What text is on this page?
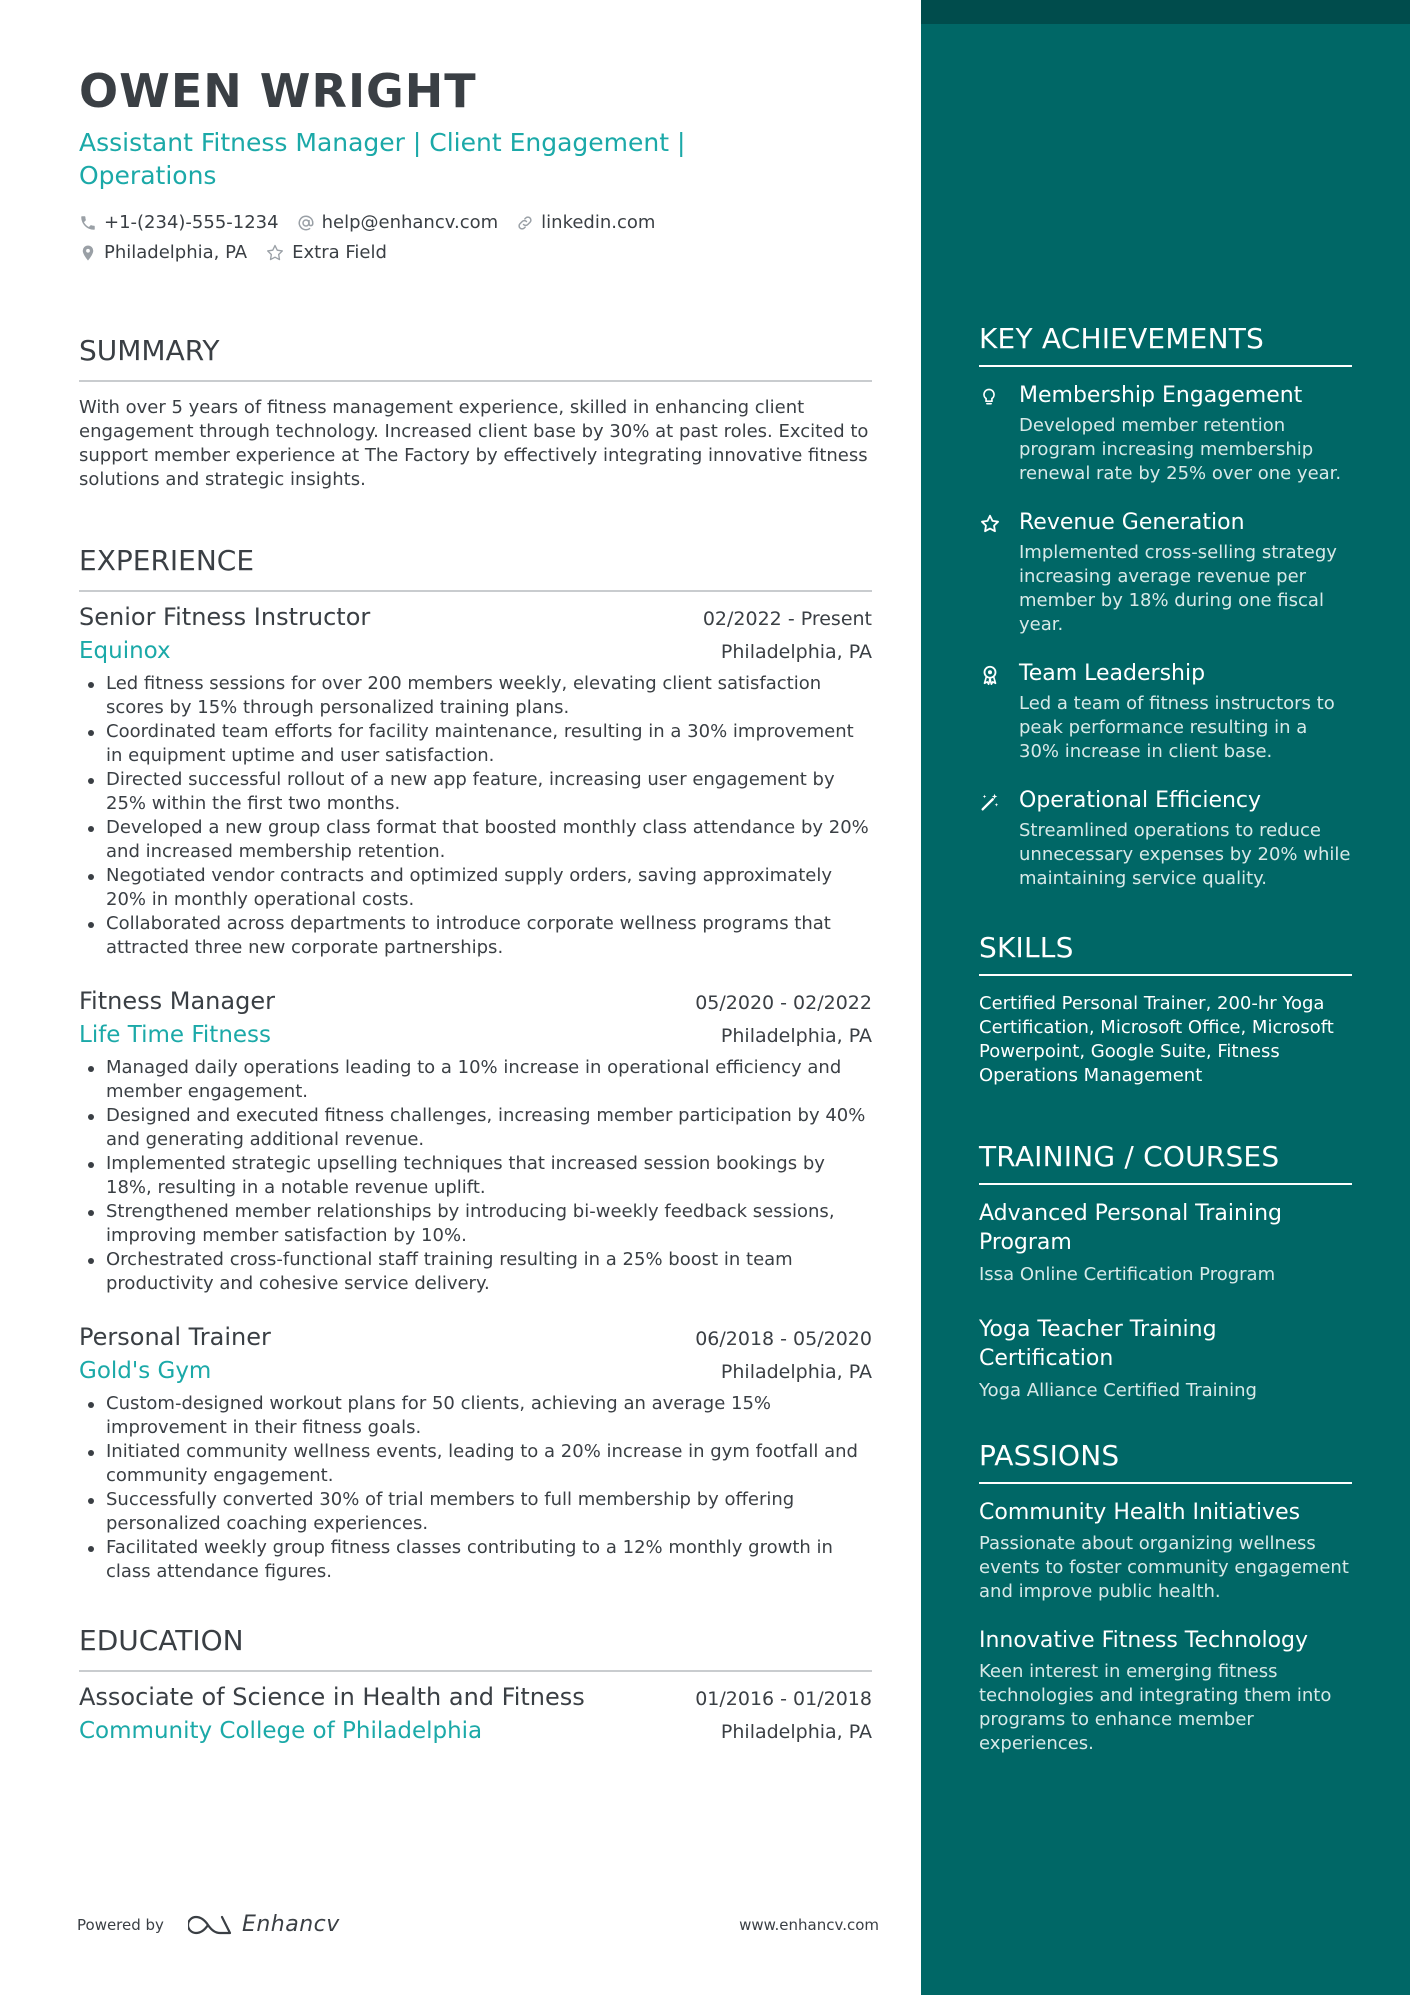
OWEN WRIGHT
Assistant Fitness Manager | Client Engagement |
Operations
+1-(234)-555-1234 help@enhancv.com linkedin.com
Philadelphia, PA	Extra Field
SUMMARY

With over 5 years of fitness management experience, skilled in enhancing client engagement through technology. Increased client base by 30% at past roles. Excited to support member experience at The Factory by effectively integrating innovative fitness solutions and strategic insights.

EXPERIENCE
Senior Fitness Instructor	02/2022 - Present
Equinox	Philadelphia, PA
Led fitness sessions for over 200 members weekly, elevating client satisfaction scores by 15% through personalized training plans.
Coordinated team efforts for facility maintenance, resulting in a 30% improvement in equipment uptime and user satisfaction.
Directed successful rollout of a new app feature, increasing user engagement by 25% within the first two months.
Developed a new group class format that boosted monthly class attendance by 20% and increased membership retention.
Negotiated vendor contracts and optimized supply orders, saving approximately 20% in monthly operational costs.
Collaborated across departments to introduce corporate wellness programs that attracted three new corporate partnerships.
Fitness Manager	05/2020 - 02/2022
Life Time Fitness	Philadelphia, PA
Managed daily operations leading to a 10% increase in operational efficiency and member engagement.
Designed and executed fitness challenges, increasing member participation by 40% and generating additional revenue.
Implemented strategic upselling techniques that increased session bookings by 18%, resulting in a notable revenue uplift.
Strengthened member relationships by introducing bi-weekly feedback sessions, improving member satisfaction by 10%.
Orchestrated cross-functional staff training resulting in a 25% boost in team productivity and cohesive service delivery.
Personal Trainer	06/2018 - 05/2020
Gold's Gym	Philadelphia, PA
Custom-designed workout plans for 50 clients, achieving an average 15% improvement in their fitness goals.
Initiated community wellness events, leading to a 20% increase in gym footfall and community engagement.
Successfully converted 30% of trial members to full membership by offering personalized coaching experiences.
Facilitated weekly group fitness classes contributing to a 12% monthly growth in class attendance figures.
EDUCATION
Associate of Science in Health and Fitness	01/2016 - 01/2018
Community College of Philadelphia	Philadelphia, PA
Powered by	Enhancv	www.enhancv.com
KEY ACHIEVEMENTS
Membership Engagement
Developed member retention program increasing membership renewal rate by 25% over one year.
Revenue Generation
Implemented cross-selling strategy increasing average revenue per member by 18% during one fiscal year.
Team Leadership
Led a team of fitness instructors to peak performance resulting in a 30% increase in client base.
Operational Efficiency
Streamlined operations to reduce unnecessary expenses by 20% while maintaining service quality.
SKILLS
Certified Personal Trainer, 200-hr Yoga Certification, Microsoft Office, Microsoft Powerpoint, Google Suite, Fitness Operations Management
TRAINING / COURSES
Advanced Personal Training Program
Issa Online Certification Program
Yoga Teacher Training Certification
Yoga Alliance Certified Training
PASSIONS
Community Health Initiatives
Passionate about organizing wellness events to foster community engagement and improve public health.
Innovative Fitness Technology
Keen interest in emerging fitness technologies and integrating them into programs to enhance member experiences.
